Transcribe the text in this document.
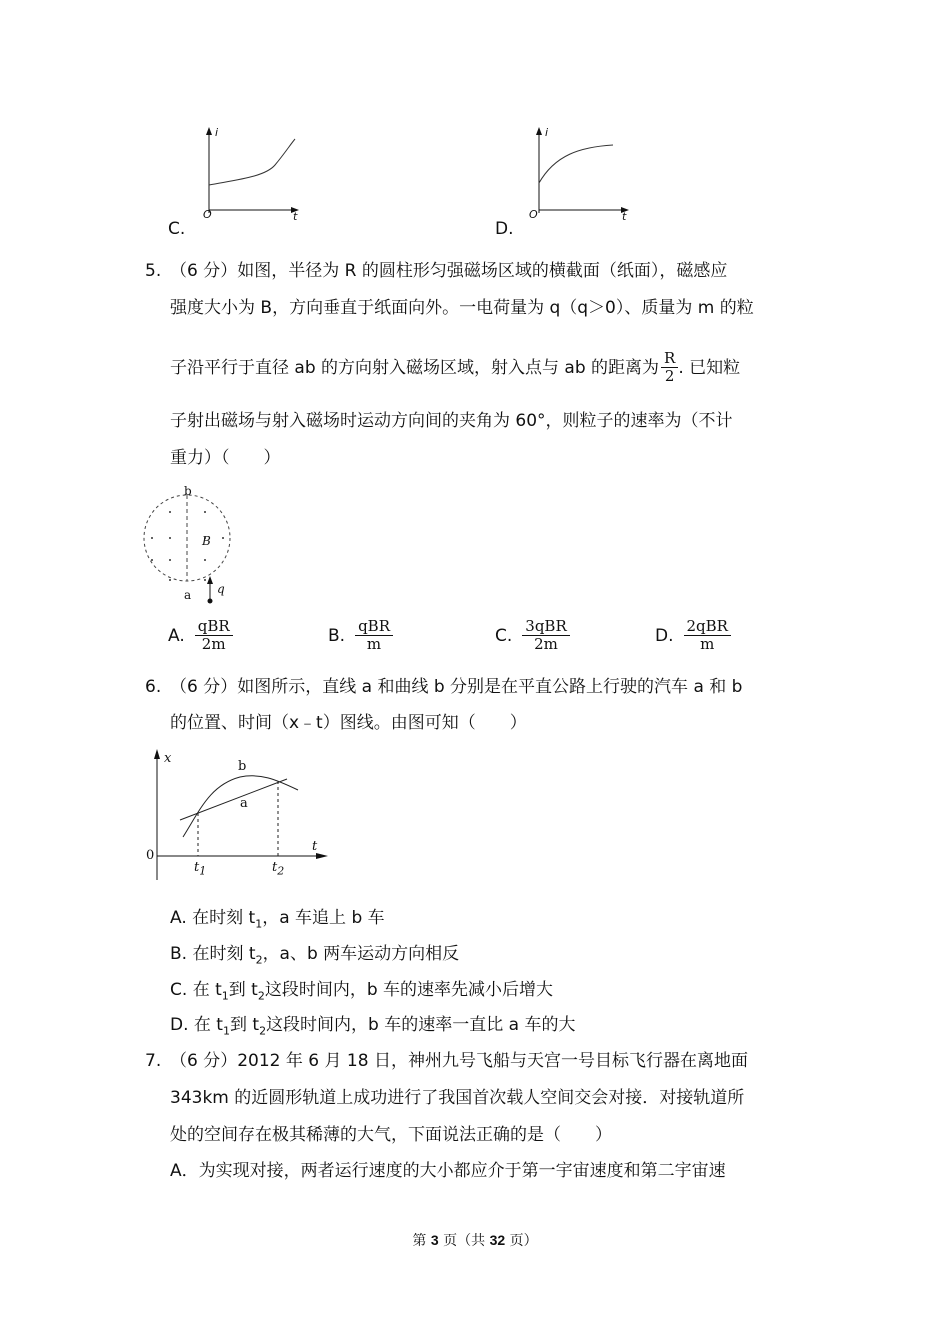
i
O	t
C.
i
O	t
D.
5. （6 分）如图，半径为 R 的圆柱形匀强磁场区域的横截面（纸面），磁感应
强度大小为 B，方向垂直于纸面向外。一电荷量为 q（q＞0）、质量为 m 的粒
子沿平行于直径 ab 的方向射入磁场区域，射入点与 ab 的距离为 $\frac{R}{2}$ . 已知粒
子射出磁场与射入磁场时运动方向间的夹角为 60°，则粒子的速率为（不计
重力）（　　）
b
a
B
q
A. $\frac{\text{qBR}}{2m}$	B. $\frac{\text{qBR}}{m}$	C. $\frac{\text{3qBR}}{2m}$	D. $\frac{\text{2qBR}}{m}$
6. （6 分）如图所示，直线 a 和曲线 b 分别是在平直公路上行驶的汽车 a 和 b
的位置、时间（x﹣t）图线。由图可知（　　）
x
t
0
b
a
$t_1$	$t_2$
A. 在时刻 $t_1$，a 车追上 b 车
B. 在时刻 $t_2$，a、b 两车运动方向相反
C. 在 $t_1$到 $t_2$这段时间内，b 车的速率先减小后增大
D. 在 $t_1$到 $t_2$这段时间内，b 车的速率一直比 a 车的大
7. （6 分）2012 年 6 月 18 日，神州九号飞船与天宫一号目标飞行器在离地面
343km 的近圆形轨道上成功进行了我国首次载人空间交会对接．对接轨道所
处的空间存在极其稀薄的大气，下面说法正确的是（　　）
A．为实现对接，两者运行速度的大小都应介于第一宇宙速度和第二宇宙速
第 3 页（共 32 页）
